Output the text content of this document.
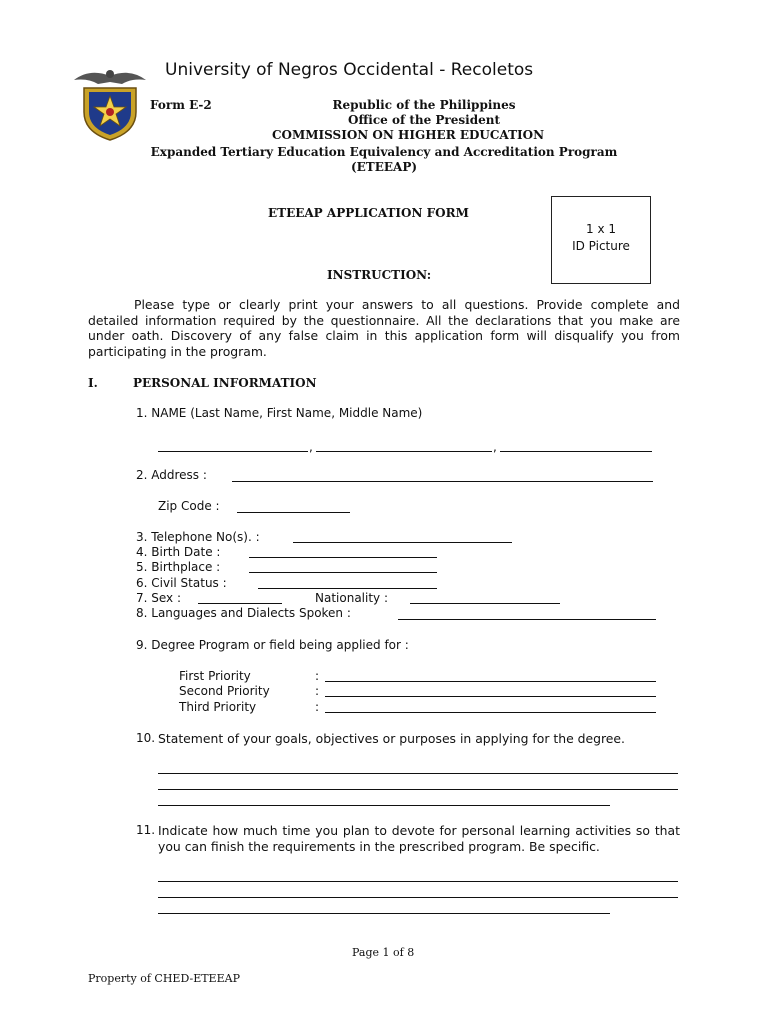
University of Negros Occidental - Recoletos
Form E-2	Republic of the Philippines
Office of the President
COMMISSION ON HIGHER EDUCATION
Expanded Tertiary Education Equivalency and Accreditation Program
(ETEEAP)
ETEEAP APPLICATION FORM
1 x 1
ID Picture
INSTRUCTION:
Please type or clearly print your answers to all questions. Provide complete and detailed information required by the questionnaire. All the declarations that you make are under oath. Discovery of any false claim in this application form will disqualify you from participating in the program.
I.	PERSONAL INFORMATION
1. NAME (Last Name, First Name, Middle Name)
,	,
2. Address :
Zip Code :
3. Telephone No(s). :
4. Birth Date :
5. Birthplace :
6. Civil Status :
7. Sex :	Nationality :
8. Languages and Dialects Spoken :
9. Degree Program or field being applied for :
First Priority	:
Second Priority	:
Third Priority	:
10. Statement of your goals, objectives or purposes in applying for the degree.
11. Indicate how much time you plan to devote for personal learning activities so that you can finish the requirements in the prescribed program. Be specific.
Page 1 of 8
Property of CHED-ETEEAP
